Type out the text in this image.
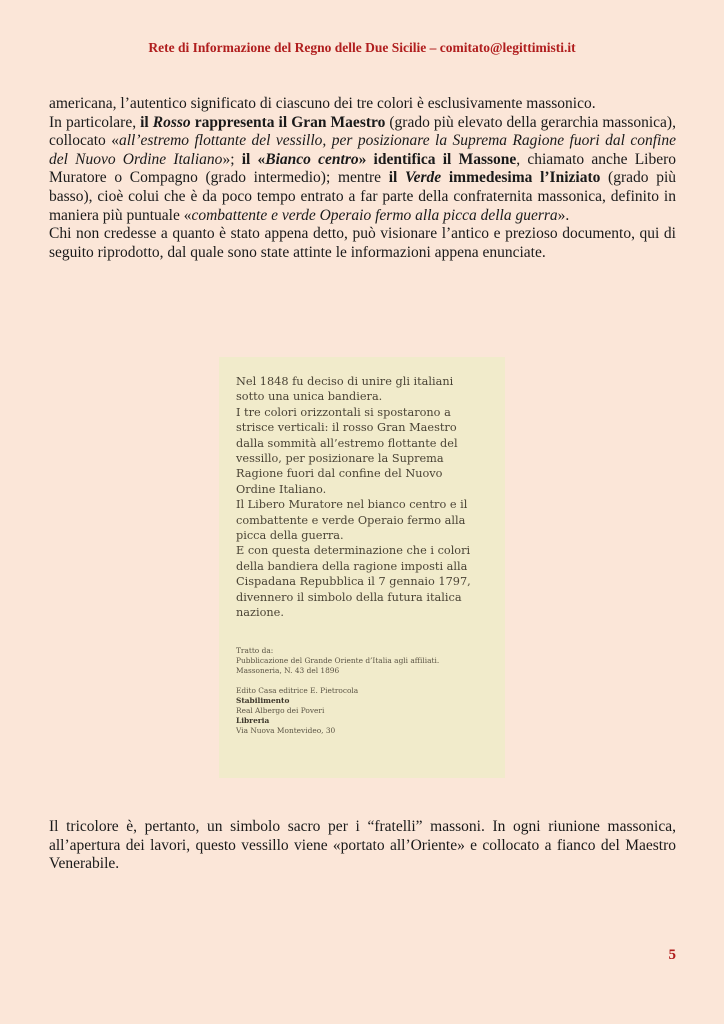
Rete di Informazione del Regno delle Due Sicilie – comitato@legittimisti.it

americana, l’autentico significato di ciascuno dei tre colori è esclusivamente massonico.

In particolare, il Rosso rappresenta il Gran Maestro (grado più elevato della gerarchia massonica), collocato «all’estremo flottante del vessillo, per posizionare la Suprema Ragione fuori dal confine del Nuovo Ordine Italiano»; il «Bianco centro» identifica il Massone, chiamato anche Libero Muratore o Compagno (grado intermedio); mentre il Verde immedesima l’Iniziato (grado più basso), cioè colui che è da poco tempo entrato a far parte della confraternita massonica, definito in maniera più puntuale «combattente e verde Operaio fermo alla picca della guerra».

Chi non credesse a quanto è stato appena detto, può visionare l’antico e prezioso documento, qui di seguito riprodotto, dal quale sono state attinte le informazioni appena enunciate.

Nel 1848 fu deciso di unire gli italiani
sotto una unica bandiera.
I tre colori orizzontali si spostarono a
strisce verticali: il rosso Gran Maestro
dalla sommità all’estremo flottante del
vessillo, per posizionare la Suprema
Ragione fuori dal confine del Nuovo
Ordine Italiano.
Il Libero Muratore nel bianco centro e il
combattente e verde Operaio fermo alla
picca della guerra.
E con questa determinazione che i colori
della bandiera della ragione imposti alla
Cispadana Repubblica il 7 gennaio 1797,
divennero il simbolo della futura italica
nazione.
Tratto da:
Pubblicazione del Grande Oriente d’Italia agli affiliati.
Massoneria, N. 43 del 1896
Edito Casa editrice E. Pietrocola
Stabilimento
Real Albergo dei Poveri
Libreria
Via Nuova Montevideo, 30

Il tricolore è, pertanto, un simbolo sacro per i “fratelli” massoni. In ogni riunione massonica, all’apertura dei lavori, questo vessillo viene «portato all’Oriente» e collocato a fianco del Maestro Venerabile.

5
